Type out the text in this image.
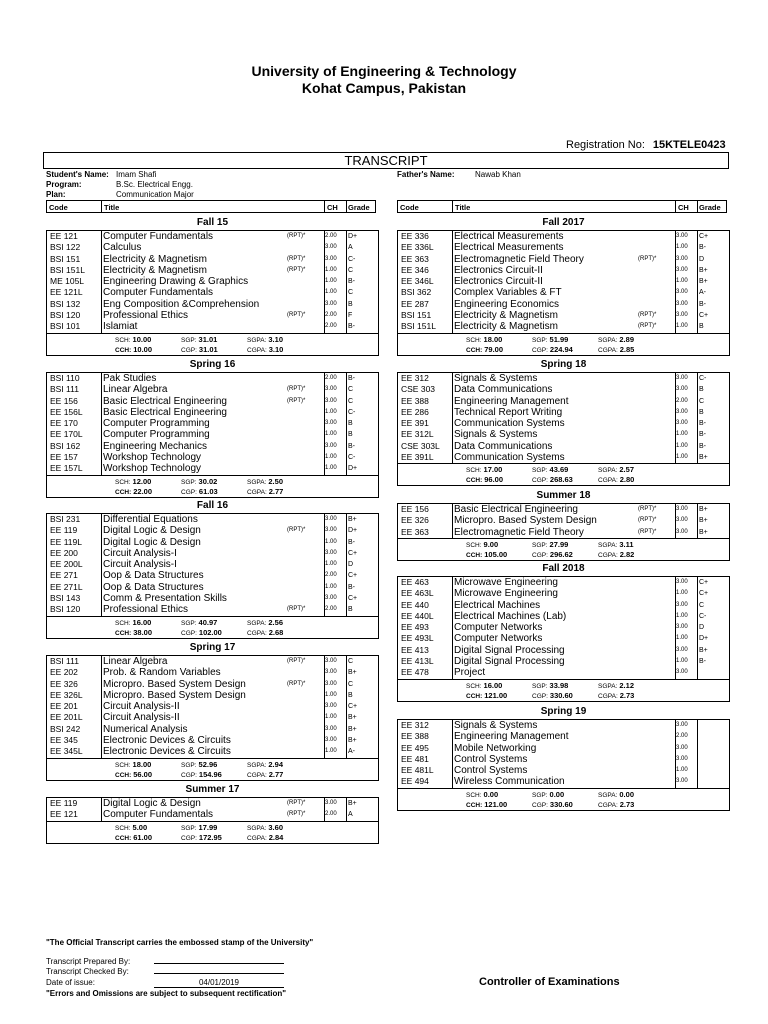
University of Engineering & Technology
Kohat Campus, Pakistan
Registration No: 15KTELE0423
TRANSCRIPT
Student's Name: Imam Shafi
Program:	B.Sc. Electrical Engg.
Plan:	Communication Major
Father's Name:	Nawab Khan
Code	Title	CH Grade	Code	Title	CH Grade
Fall 15
EE 121	Computer Fundamentals	(RPT)*	2.00 D+
BSI 122 Calculus	3.00 A
BSI 151 Electricity & Magnetism	(RPT)*	3.00 C-
BSI 151L Electricity & Magnetism	(RPT)*	1.00 C
ME 105L Engineering Drawing & Graphics	1.00 B-
EE 121L Computer Fundamentals	1.00 C
BSI 132 Eng Composition &Comprehension	3.00 B
BSI 120 Professional Ethics	(RPT)*	2.00 F
BSI 101 Islamiat	2.00 B-
SCH: 10.00	SGP: 31.01	SGPA: 3.10
CCH: 10.00	CGP: 31.01	CGPA: 3.10
Spring 16
BSI 110 Pak Studies	2.00 B-
BSI 111 Linear Algebra	(RPT)*	3.00 C
EE 156	Basic Electrical Engineering	(RPT)*	3.00 C
EE 156L Basic Electrical Engineering	1.00 C-
EE 170	Computer Programming	3.00 B
EE 170L Computer Programming	1.00 B
BSI 162 Engineering Mechanics	3.00 B-
EE 157	Workshop Technology	1.00 C-
EE 157L Workshop Technology	1.00 D+
SCH: 12.00	SGP: 30.02	SGPA: 2.50
CCH: 22.00	CGP: 61.03	CGPA: 2.77
Fall 16
BSI 231 Differential Equations	3.00 B+
EE 119	Digital Logic & Design	(RPT)*	3.00 D+
EE 119L Digital Logic & Design	1.00 B-
EE 200	Circuit Analysis-I	3.00 C+
EE 200L Circuit Analysis-I	1.00 D
EE 271	Oop & Data Structures	2.00 C+
EE 271L Oop & Data Structures	1.00 B-
BSI 143 Comm & Presentation Skills	3.00 C+
BSI 120 Professional Ethics	(RPT)*	2.00 B
SCH: 16.00	SGP: 40.97	SGPA: 2.56
CCH: 38.00	CGP: 102.00	CGPA: 2.68
Spring 17
BSI 111 Linear Algebra	(RPT)*	3.00 C
EE 202	Prob. & Random Variables	3.00 B+
EE 326	Micropro. Based System Design	(RPT)*	3.00 C
EE 326L Micropro. Based System Design	1.00 B
EE 201	Circuit Analysis-II	3.00 C+
EE 201L Circuit Analysis-II	1.00 B+
BSI 242 Numerical Analysis	3.00 B+
EE 345	Electronic Devices & Circuits	3.00 B+
EE 345L Electronic Devices & Circuits	1.00 A-
SCH: 18.00	SGP: 52.96	SGPA: 2.94
CCH: 56.00	CGP: 154.96	CGPA: 2.77
Summer 17
EE 119	Digital Logic & Design	(RPT)*	3.00 B+
EE 121	Computer Fundamentals	(RPT)*	2.00 A
SCH: 5.00	SGP: 17.99	SGPA: 3.60
CCH: 61.00	CGP: 172.95	CGPA: 2.84
Fall 2017
EE 336	Electrical Measurements	3.00 C+
EE 336L Electrical Measurements	1.00 B-
EE 363	Electromagnetic Field Theory	(RPT)*	3.00 D
EE 346	Electronics Circuit-II	3.00 B+
EE 346L Electronics Circuit-II	1.00 B+
BSI 362 Complex Variables & FT	3.00 A-
EE 287	Engineering Economics	3.00 B-
BSI 151 Electricity & Magnetism	(RPT)*	3.00 C+
BSI 151L Electricity & Magnetism	(RPT)*	1.00 B
SCH: 18.00	SGP: 51.99	SGPA: 2.89
CCH: 79.00	CGP: 224.94	CGPA: 2.85
Spring 18
EE 312	Signals & Systems	3.00 C-
CSE 303 Data Communications	3.00 B
EE 388	Engineering Management	2.00 C
EE 286	Technical Report Writing	3.00 B
EE 391	Communication Systems	3.00 B-
EE 312L Signals & Systems	1.00 B-
CSE 303L Data Communications	1.00 B-
EE 391L Communication Systems	1.00 B+
SCH: 17.00	SGP: 43.69	SGPA: 2.57
CCH: 96.00	CGP: 268.63	CGPA: 2.80
Summer 18
EE 156	Basic Electrical Engineering	(RPT)*	3.00 B+
EE 326	Micropro. Based System Design	(RPT)*	3.00 B+
EE 363	Electromagnetic Field Theory	(RPT)*	3.00 B+
SCH: 9.00	SGP: 27.99	SGPA: 3.11
CCH: 105.00	CGP: 296.62	CGPA: 2.82
Fall 2018
EE 463	Microwave Engineering	3.00 C+
EE 463L Microwave Engineering	1.00 C+
EE 440	Electrical Machines	3.00 C
EE 440L Electrical Machines (Lab)	1.00 C-
EE 493	Computer Networks	3.00 D
EE 493L Computer Networks	1.00 D+
EE 413	Digital Signal Processing	3.00 B+
EE 413L Digital Signal Processing	1.00 B-
EE 478	Project	3.00
SCH: 16.00	SGP: 33.98	SGPA: 2.12
CCH: 121.00	CGP: 330.60	CGPA: 2.73
Spring 19
EE 312	Signals & Systems	3.00
EE 388	Engineering Management	2.00
EE 495	Mobile Networking	3.00
EE 481	Control Systems	3.00
EE 481L Control Systems	1.00
EE 494	Wireless Communication	3.00
SCH: 0.00	SGP: 0.00	SGPA: 0.00
CCH: 121.00	CGP: 330.60	CGPA: 2.73
"The Official Transcript carries the embossed stamp of the University"
Transcript Prepared By:
Transcript Checked By:
Date of issue:	04/01/2019
"Errors and Omissions are subject to subsequent rectification"
Controller of Examinations
